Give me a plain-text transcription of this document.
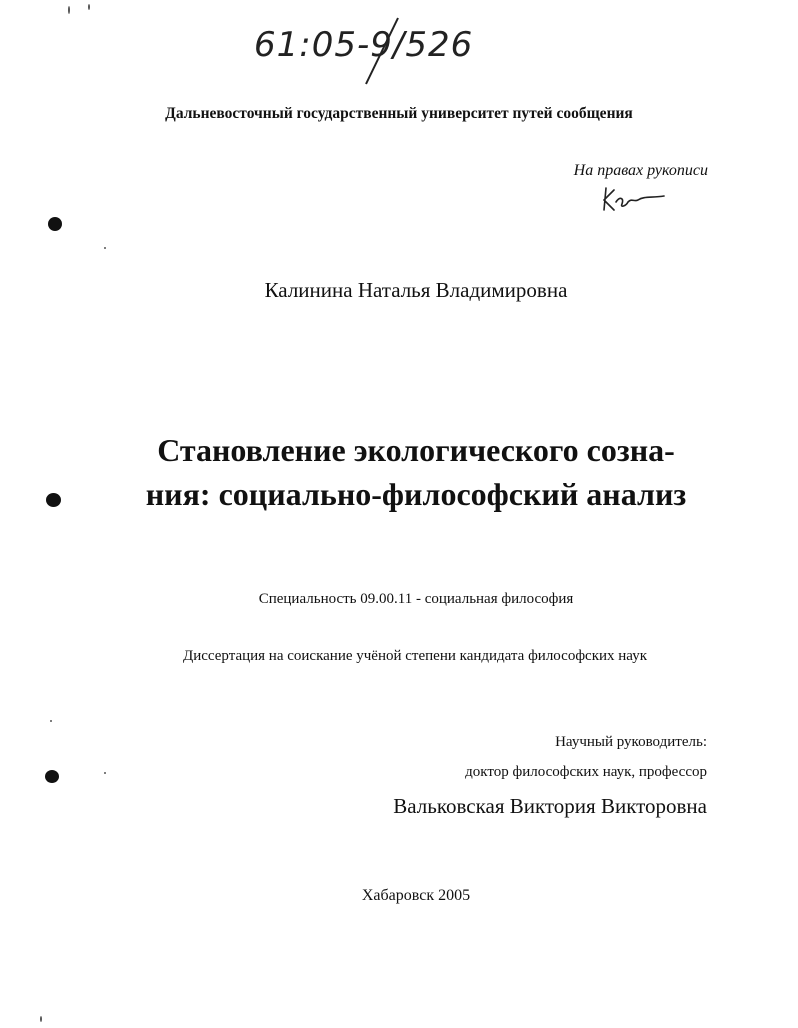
61:05-9/526
Дальневосточный государственный университет путей сообщения
На правах рукописи
Калинина Наталья Владимировна
Становление экологического созна-
ния: социально-философский анализ
Специальность 09.00.11 - социальная философия
Диссертация на соискание учёной степени кандидата философских наук
Научный руководитель:
доктор философских наук, профессор
Вальковская Виктория Викторовна
Хабаровск 2005
